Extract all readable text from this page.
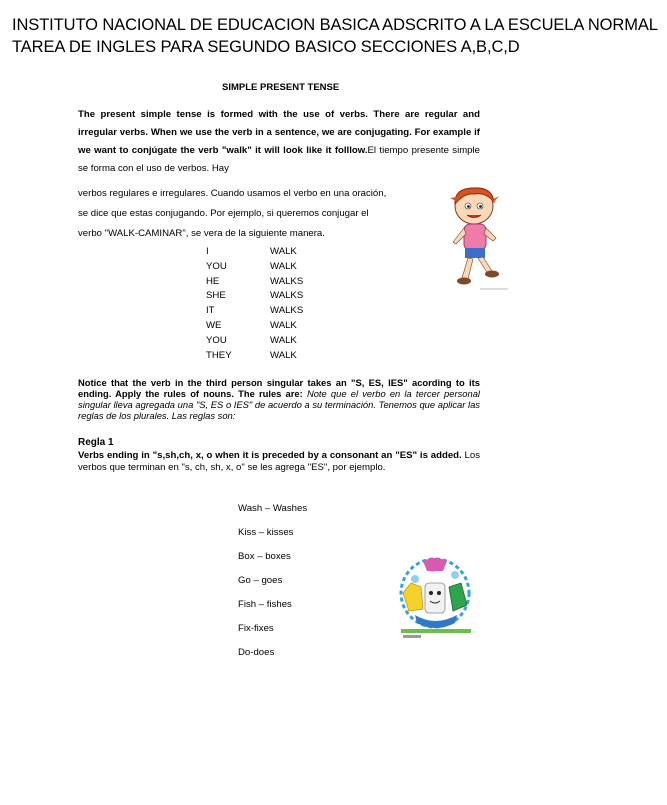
INSTITUTO NACIONAL DE EDUCACION BASICA ADSCRITO A LA ESCUELA NORMAL
TAREA DE INGLES PARA SEGUNDO BASICO SECCIONES A,B,C,D
SIMPLE PRESENT TENSE
The present simple tense is formed with the use of verbs. There are regular and irregular verbs. When we use the verb in a sentence, we are conjugating. For example if we want to conjúgate the verb "walk" it will look like it folllow.El tiempo presente simple se forma con el uso de verbos. Hay
verbos regulares e irregulares. Cuando usamos el verbo en una oración,
se dice que estas conjugando. Por ejemplo, si queremos conjugar el
verbo "WALK-CAMINAR", se vera de la siguiente manera.
I	WALK
YOU	WALK
HE	WALKS
SHE	WALKS
IT	WALKS
WE	WALK
YOU	WALK
THEY	WALK
Notice that the verb in the third person singular takes an "S, ES, IES" acording to its ending. Apply the rules of nouns. The rules are: Note que el verbo en la tercer personal singular lleva agregada una "S, ES o IES" de acuerdo a su terminación. Tenemos que aplicar las reglas de los plurales. Las reglas son:
Regla 1
Verbs ending in "s,sh,ch, x, o when it is preceded by a consonant an "ES" is added. Los verbos que terminan en "s, ch, sh, x, o" se les agrega "ES", por ejemplo.
Wash – Washes
Kiss – kisses
Box – boxes
Go – goes
Fish – fishes
Fix-fixes
Do-does
